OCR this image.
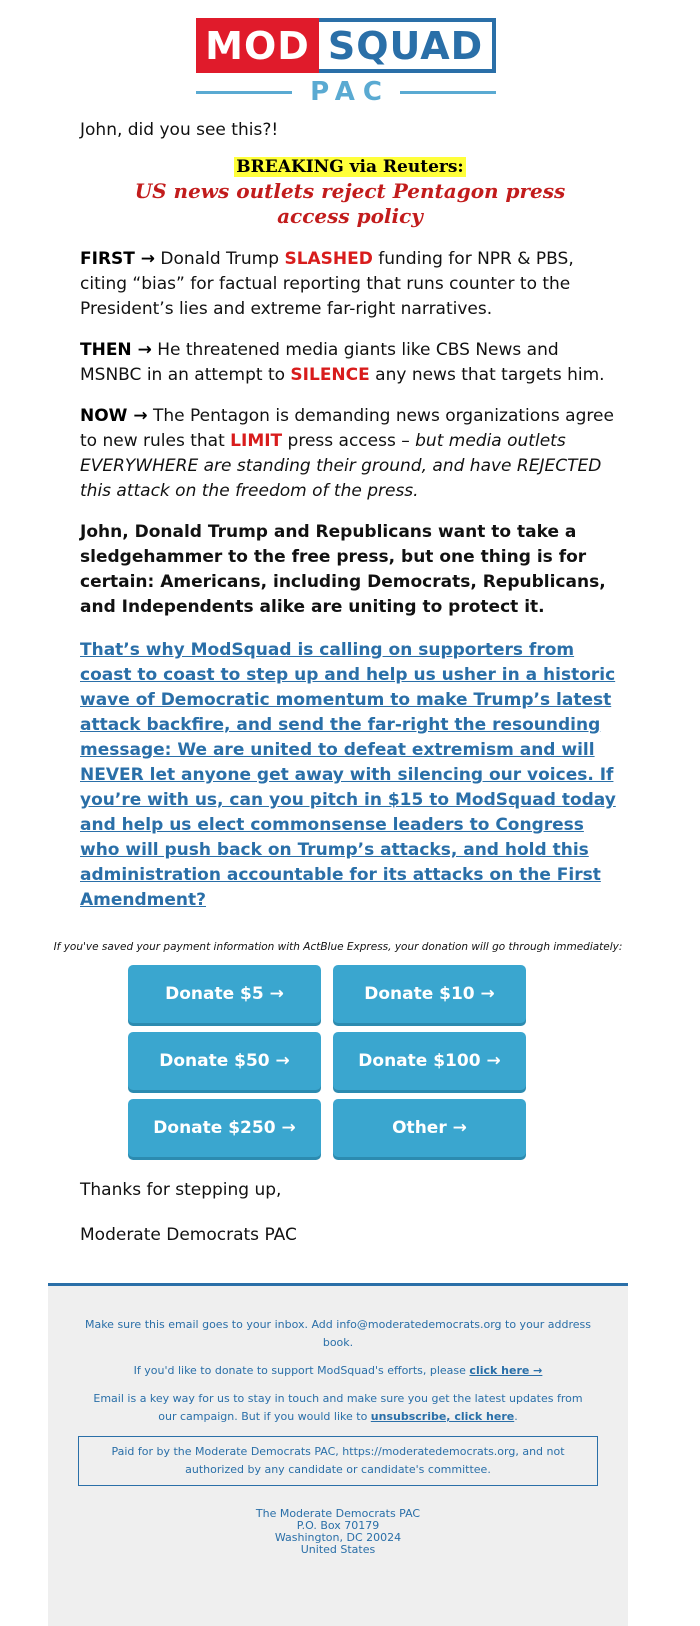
MOD SQUAD
PAC
John, did you see this?!
BREAKING via Reuters:
US news outlets reject Pentagon press access policy
FIRST → Donald Trump SLASHED funding for NPR & PBS, citing “bias” for factual reporting that runs counter to the President’s lies and extreme far-right narratives.
THEN → He threatened media giants like CBS News and MSNBC in an attempt to SILENCE any news that targets him.
NOW → The Pentagon is demanding news organizations agree to new rules that LIMIT press access – but media outlets EVERYWHERE are standing their ground, and have REJECTED this attack on the freedom of the press.
John, Donald Trump and Republicans want to take a sledgehammer to the free press, but one thing is for certain: Americans, including Democrats, Republicans, and Independents alike are uniting to protect it.
That’s why ModSquad is calling on supporters from coast to coast to step up and help us usher in a historic wave of Democratic momentum to make Trump’s latest attack backfire, and send the far-right the resounding message: We are united to defeat extremism and will NEVER let anyone get away with silencing our voices. If you’re with us, can you pitch in $15 to ModSquad today and help us elect commonsense leaders to Congress who will push back on Trump’s attacks, and hold this administration accountable for its attacks on the First Amendment?
If you've saved your payment information with ActBlue Express, your donation will go through immediately:
Donate $5 →	Donate $10 →
Donate $50 →	Donate $100 →
Donate $250 →	Other →
Thanks for stepping up,
Moderate Democrats PAC

Make sure this email goes to your inbox. Add info@moderatedemocrats.org to your address book.

If you'd like to donate to support ModSquad's efforts, please click here →

Email is a key way for us to stay in touch and make sure you get the latest updates from our campaign. But if you would like to unsubscribe, click here.

Paid for by the Moderate Democrats PAC, https://moderatedemocrats.org, and not authorized by any candidate or candidate's committee.
The Moderate Democrats PAC
P.O. Box 70179
Washington, DC 20024
United States
